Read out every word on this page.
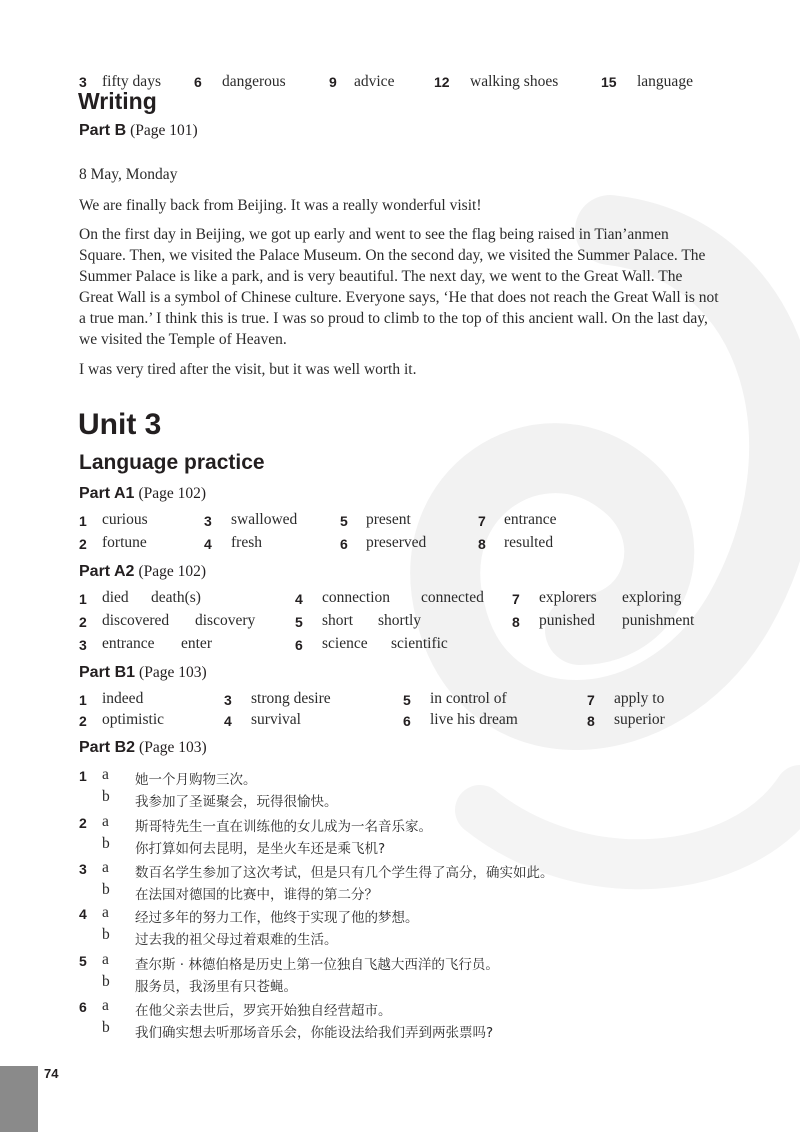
3 fifty days 6 dangerous	9 advice	12 walking shoes	15 language
Writing
Part B (Page 101)
8 May, Monday
We are finally back from Beijing. It was a really wonderful visit!
On the first day in Beijing, we got up early and went to see the flag being raised in Tian’anmen Square. Then, we visited the Palace Museum. On the second day, we visited the Summer Palace. The Summer Palace is like a park, and is very beautiful. The next day, we went to the Great Wall. The Great Wall is a symbol of Chinese culture. Everyone says, ‘He that does not reach the Great Wall is not a true man.’ I think this is true. I was so proud to climb to the top of this ancient wall. On the last day, we visited the Temple of Heaven.
I was very tired after the visit, but it was well worth it.
Unit 3
Language practice
Part A1 (Page 102)
1 curious	3 swallowed	5 present	7 entrance
2 fortune	4 fresh	6 preserved	8 resulted
Part A2 (Page 102)
1 died death(s)	4 connection connected 7 explorers exploring
2 discovered discovery	5 short shortly	8 punished punishment
3 entrance enter	6 science scientific
Part B1 (Page 103)
1 indeed	3 strong desire	5 in control of	7 apply to
2 optimistic	4 survival	6 live his dream	8 superior
Part B2 (Page 103)
1 a 她一个月购物三次。
b 我参加了圣诞聚会，玩得很愉快。
2 a 斯哥特先生一直在训练他的女儿成为一名音乐家。
b 你打算如何去昆明，是坐火车还是乘飞机?
3 a 数百名学生参加了这次考试，但是只有几个学生得了高分，确实如此。
b 在法国对德国的比赛中，谁得的第二分？
4 a 经过多年的努力工作，他终于实现了他的梦想。
b 过去我的祖父母过着艰难的生活。
5 a 查尔斯 · 林德伯格是历史上第一位独自飞越大西洋的飞行员。
b 服务员，我汤里有只苍蝇。
6 a 在他父亲去世后，罗宾开始独自经营超市。
b 我们确实想去听那场音乐会，你能设法给我们弄到两张票吗?
74
